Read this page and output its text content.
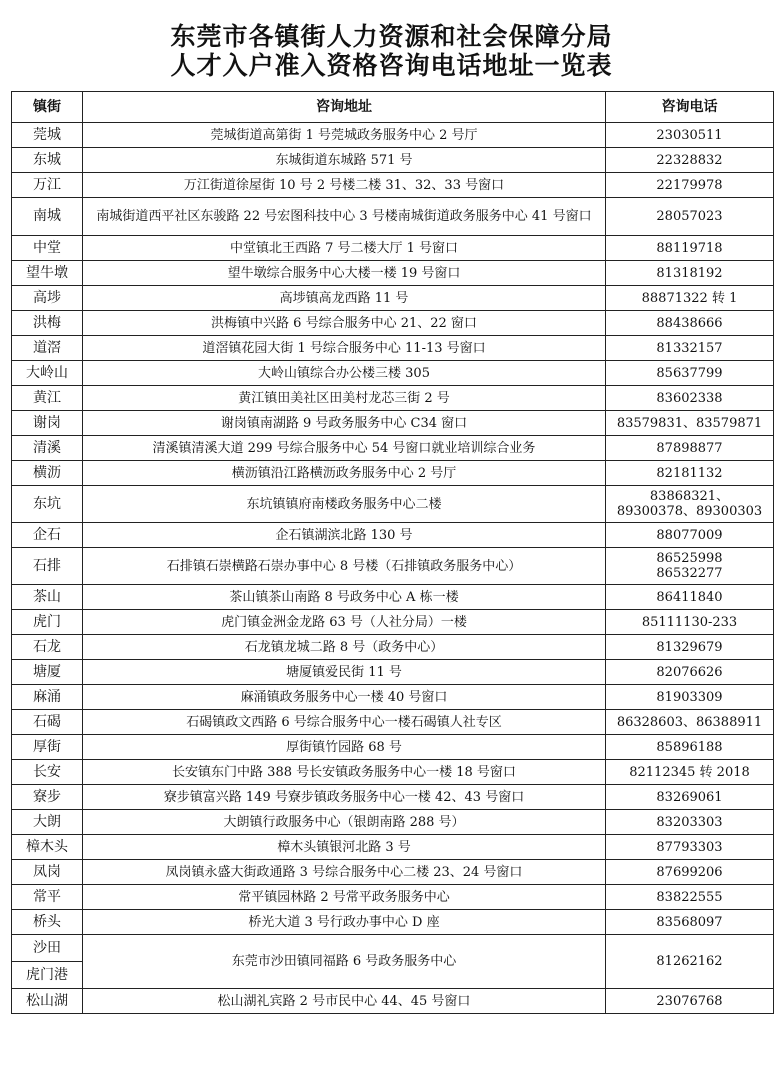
东莞市各镇街人力资源和社会保障分局
人才入户准入资格咨询电话地址一览表
镇街	咨询地址	咨询电话
莞城	莞城街道高第街 1 号莞城政务服务中心 2 号厅	23030511
东城	东城街道东城路 571 号	22328832
万江	万江街道徐屋街 10 号 2 号楼二楼 31、32、33 号窗口	22179978
南城	南城街道西平社区东骏路 22 号宏图科技中心 3 号楼南城街道政务服务中心 41 号窗口	28057023
中堂	中堂镇北王西路 7 号二楼大厅 1 号窗口	88119718
望牛墩	望牛墩综合服务中心大楼一楼 19 号窗口	81318192
高埗	高埗镇高龙西路 11 号	88871322 转 1
洪梅	洪梅镇中兴路 6 号综合服务中心 21、22 窗口	88438666
道滘	道滘镇花园大街 1 号综合服务中心 11-13 号窗口	81332157
大岭山	大岭山镇综合办公楼三楼 305	85637799
黄江	黄江镇田美社区田美村龙芯三街 2 号	83602338
谢岗	谢岗镇南湖路 9 号政务服务中心 C34 窗口	83579831、83579871
清溪	清溪镇清溪大道 299 号综合服务中心 54 号窗口就业培训综合业务	87898877
横沥	横沥镇沿江路横沥政务服务中心 2 号厅	82181132
东坑	东坑镇镇府南楼政务服务中心二楼	83868321、
89300378、89300303

企石	企石镇湖滨北路 130 号	88077009
石排	石排镇石崇横路石崇办事中心 8 号楼（石排镇政务服务中心）	86525998
86532277

茶山	茶山镇茶山南路 8 号政务中心 A 栋一楼	86411840
虎门	虎门镇金洲金龙路 63 号（人社分局）一楼	85111130-233
石龙	石龙镇龙城二路 8 号（政务中心）	81329679
塘厦	塘厦镇爱民街 11 号	82076626
麻涌	麻涌镇政务服务中心一楼 40 号窗口	81903309
石碣	石碣镇政文西路 6 号综合服务中心一楼石碣镇人社专区	86328603、86388911
厚街	厚街镇竹园路 68 号	85896188
长安	长安镇东门中路 388 号长安镇政务服务中心一楼 18 号窗口	82112345 转 2018
寮步	寮步镇富兴路 149 号寮步镇政务服务中心一楼 42、43 号窗口	83269061
大朗	大朗镇行政服务中心（银朗南路 288 号）	83203303
樟木头	樟木头镇银河北路 3 号	87793303
凤岗	凤岗镇永盛大街政通路 3 号综合服务中心二楼 23、24 号窗口	87699206
常平	常平镇园林路 2 号常平政务服务中心	83822555
桥头	桥光大道 3 号行政办事中心 D 座	83568097
沙田	东莞市沙田镇同福路 6 号政务服务中心	81262162
虎门港		
松山湖	松山湖礼宾路 2 号市民中心 44、45 号窗口	23076768
